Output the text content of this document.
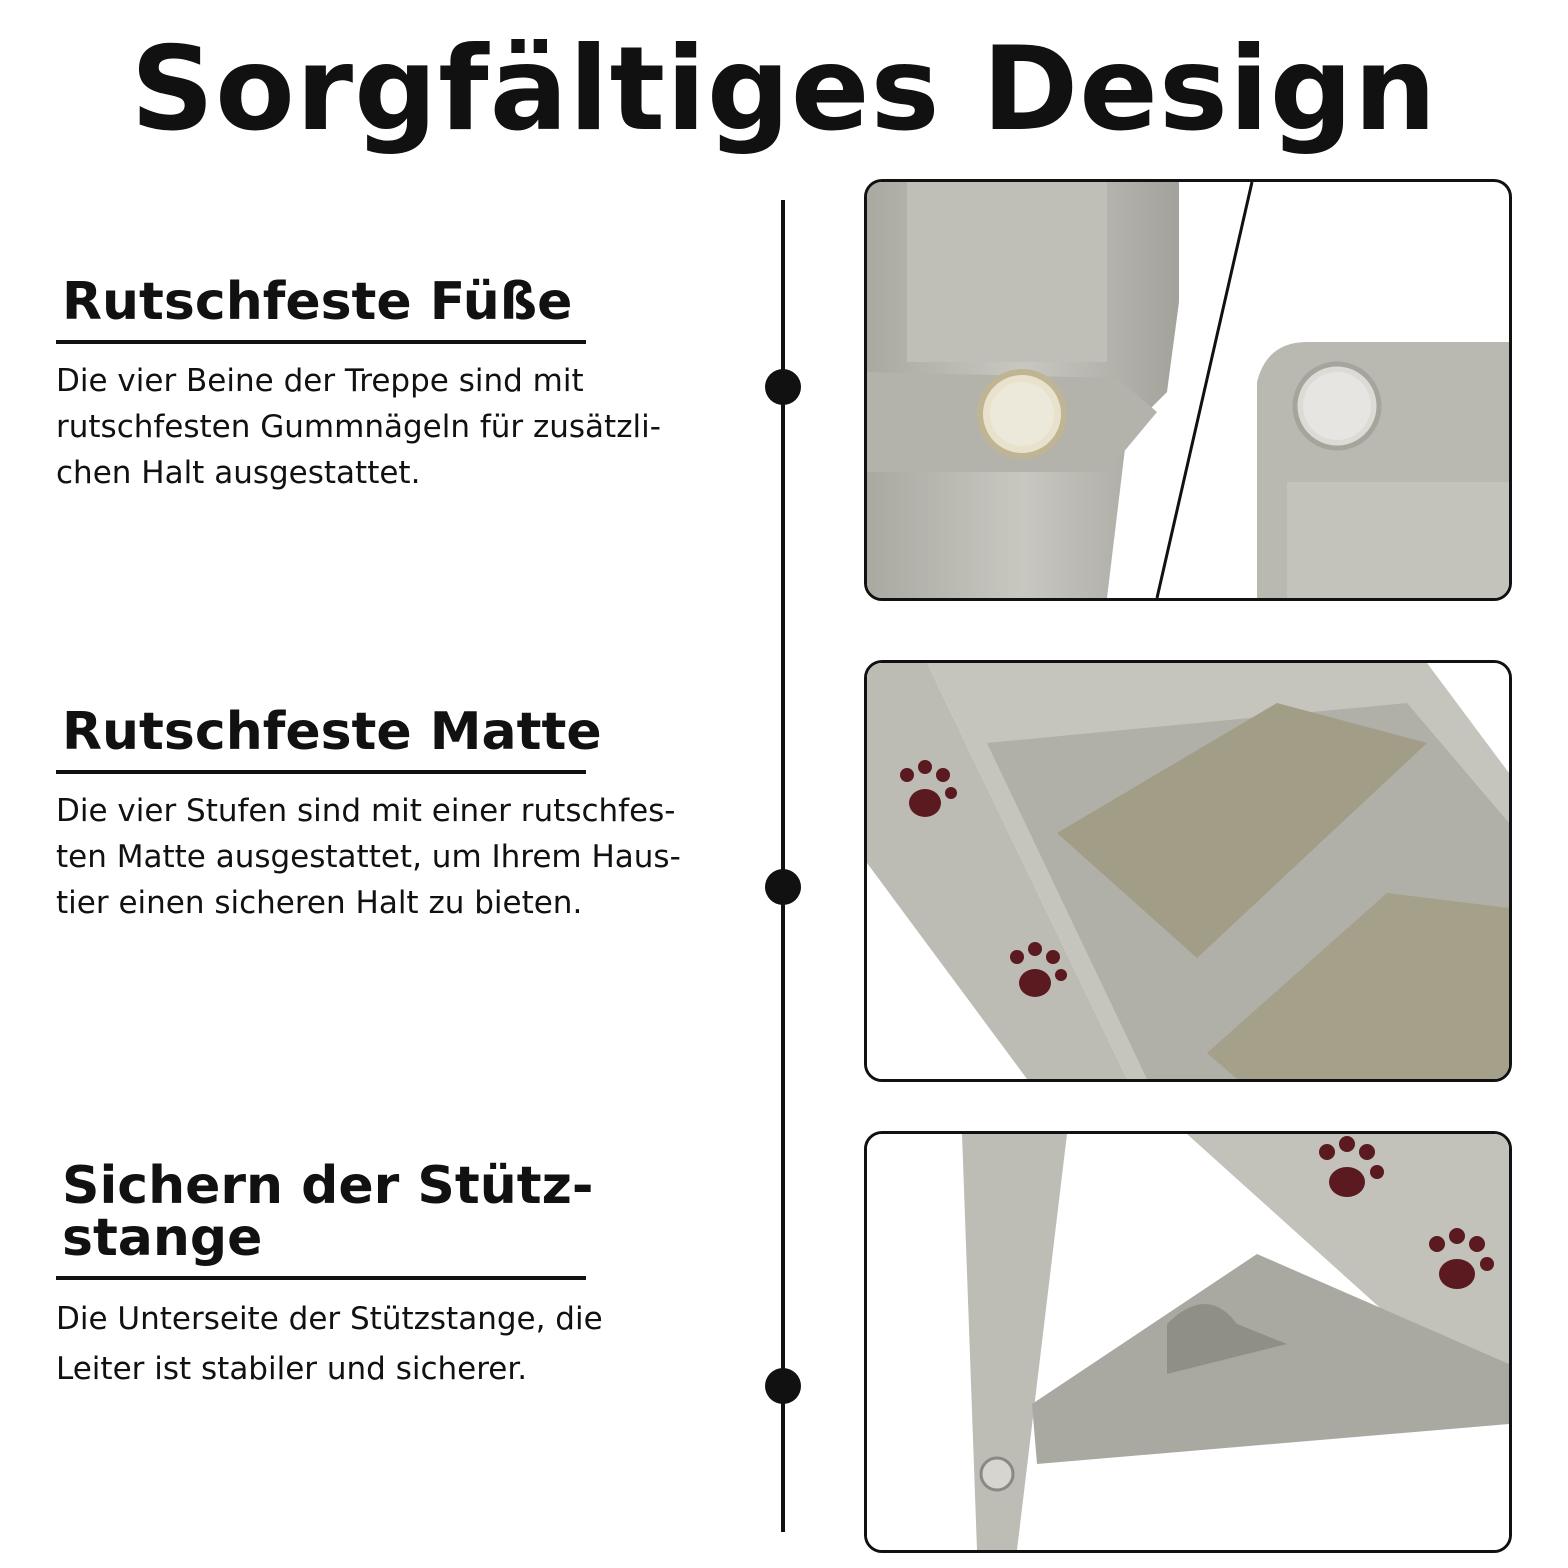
Sorgfältiges Design
Rutschfeste Füße

Die vier Beine der Treppe sind mit
rutschfesten Gummnägeln für zusätzli-
chen Halt ausgestattet.

Rutschfeste Matte

Die vier Stufen sind mit einer rutschfes-
ten Matte ausgestattet, um Ihrem Haus-
tier einen sicheren Halt zu bieten.

Sichern der Stütz-
stange

Die Unterseite der Stützstange, die
Leiter ist stabiler und sicherer.
